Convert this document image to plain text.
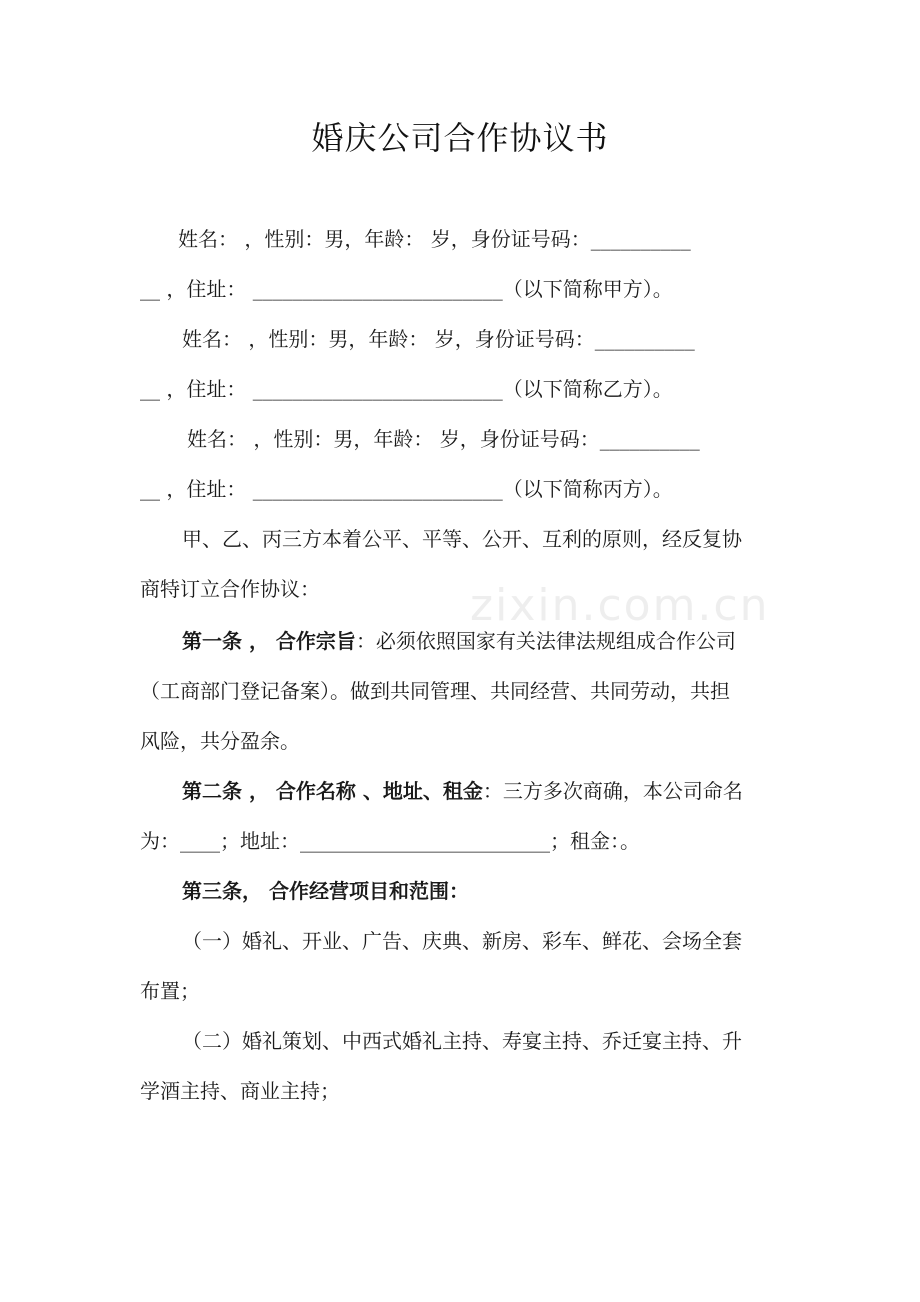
zixin.com.cn
婚庆公司合作协议书
姓名： ，性别：男，年龄： 岁，身份证号码：__________
__ ，住址： _________________________（以下简称甲方）。
姓名： ，性别：男，年龄： 岁，身份证号码：__________
__ ，住址： _________________________（以下简称乙方）。
姓名： ，性别：男，年龄： 岁，身份证号码：__________
__ ，住址： _________________________（以下简称丙方）。
甲、乙、丙三方本着公平、平等、公开、互利的原则，经反复协
商特订立合作协议：
第一条 ， 合作宗旨：必须依照国家有关法律法规组成合作公司
（工商部门登记备案）。做到共同管理、共同经营、共同劳动，共担
风险，共分盈余。
第二条 ， 合作名称 、地址、租金：三方多次商确，本公司命名
为：____；地址：_________________________；租金：。
第三条， 合作经营项目和范围：
（一）婚礼、开业、广告、庆典、新房、彩车、鲜花、会场全套
布置；
（二）婚礼策划、中西式婚礼主持、寿宴主持、乔迁宴主持、升
学酒主持、商业主持；
